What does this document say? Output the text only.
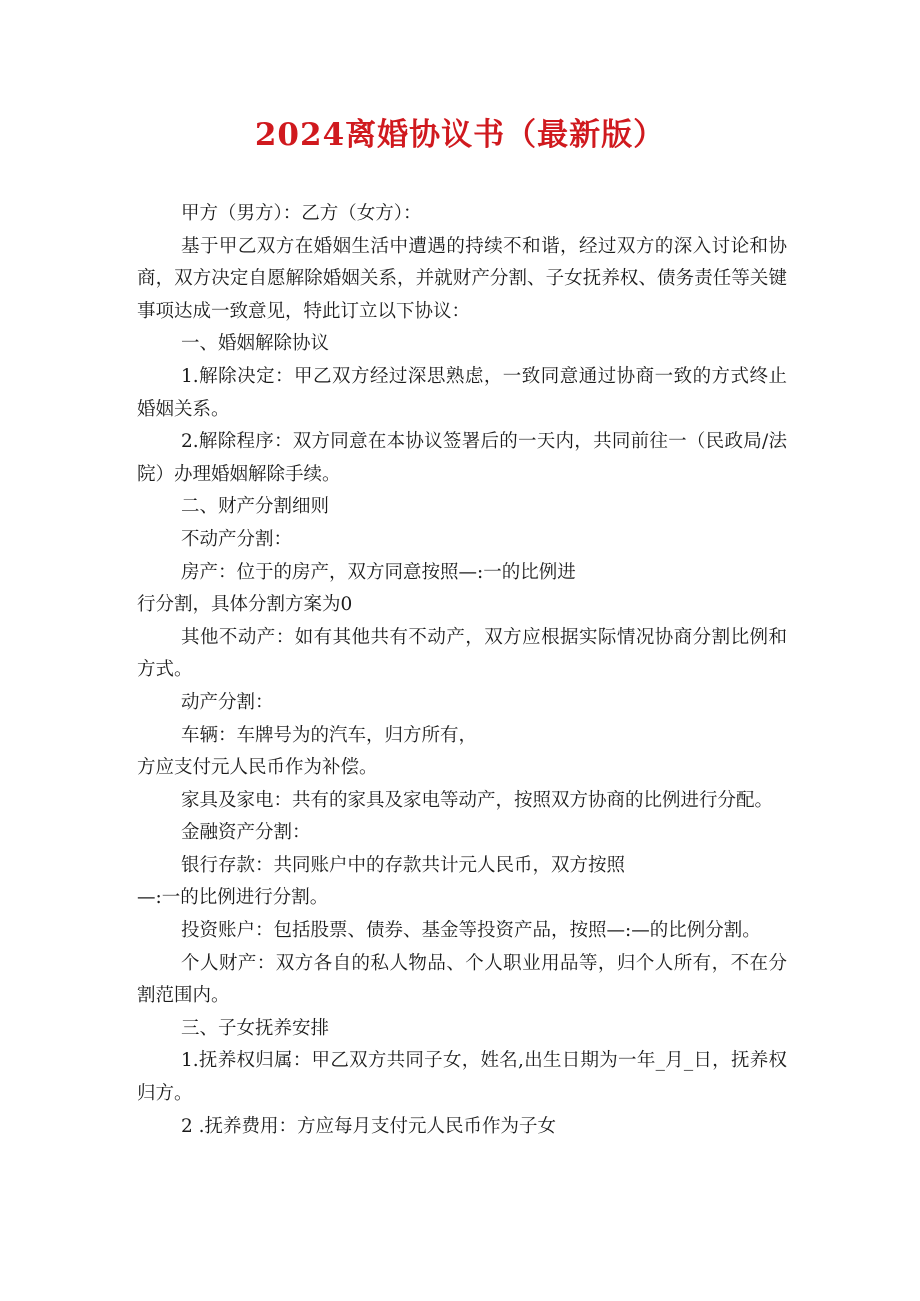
2024离婚协议书（最新版）

甲方（男方）：乙方（女方）：

基于甲乙双方在婚姻生活中遭遇的持续不和谐，经过双方的深入讨论和协商，双方决定自愿解除婚姻关系，并就财产分割、子女抚养权、债务责任等关键事项达成一致意见，特此订立以下协议：

一、婚姻解除协议

1.解除决定：甲乙双方经过深思熟虑，一致同意通过协商一致的方式终止婚姻关系。

2.解除程序：双方同意在本协议签署后的一天内，共同前往一（民政局/法院）办理婚姻解除手续。

二、财产分割细则

不动产分割：

房产：位于的房产，双方同意按照—:一的比例进

行分割，具体分割方案为0

其他不动产：如有其他共有不动产，双方应根据实际情况协商分割比例和方式。

动产分割：

车辆：车牌号为的汽车，归方所有，

方应支付元人民币作为补偿。

家具及家电：共有的家具及家电等动产，按照双方协商的比例进行分配。

金融资产分割：

银行存款：共同账户中的存款共计元人民币，双方按照

—:一的比例进行分割。

投资账户：包括股票、债券、基金等投资产品，按照—:—的比例分割。

个人财产：双方各自的私人物品、个人职业用品等，归个人所有，不在分割范围内。

三、子女抚养安排

1.抚养权归属：甲乙双方共同子女，姓名,出生日期为一年_月_日，抚养权归方。

2 .抚养费用：方应每月支付元人民币作为子女
